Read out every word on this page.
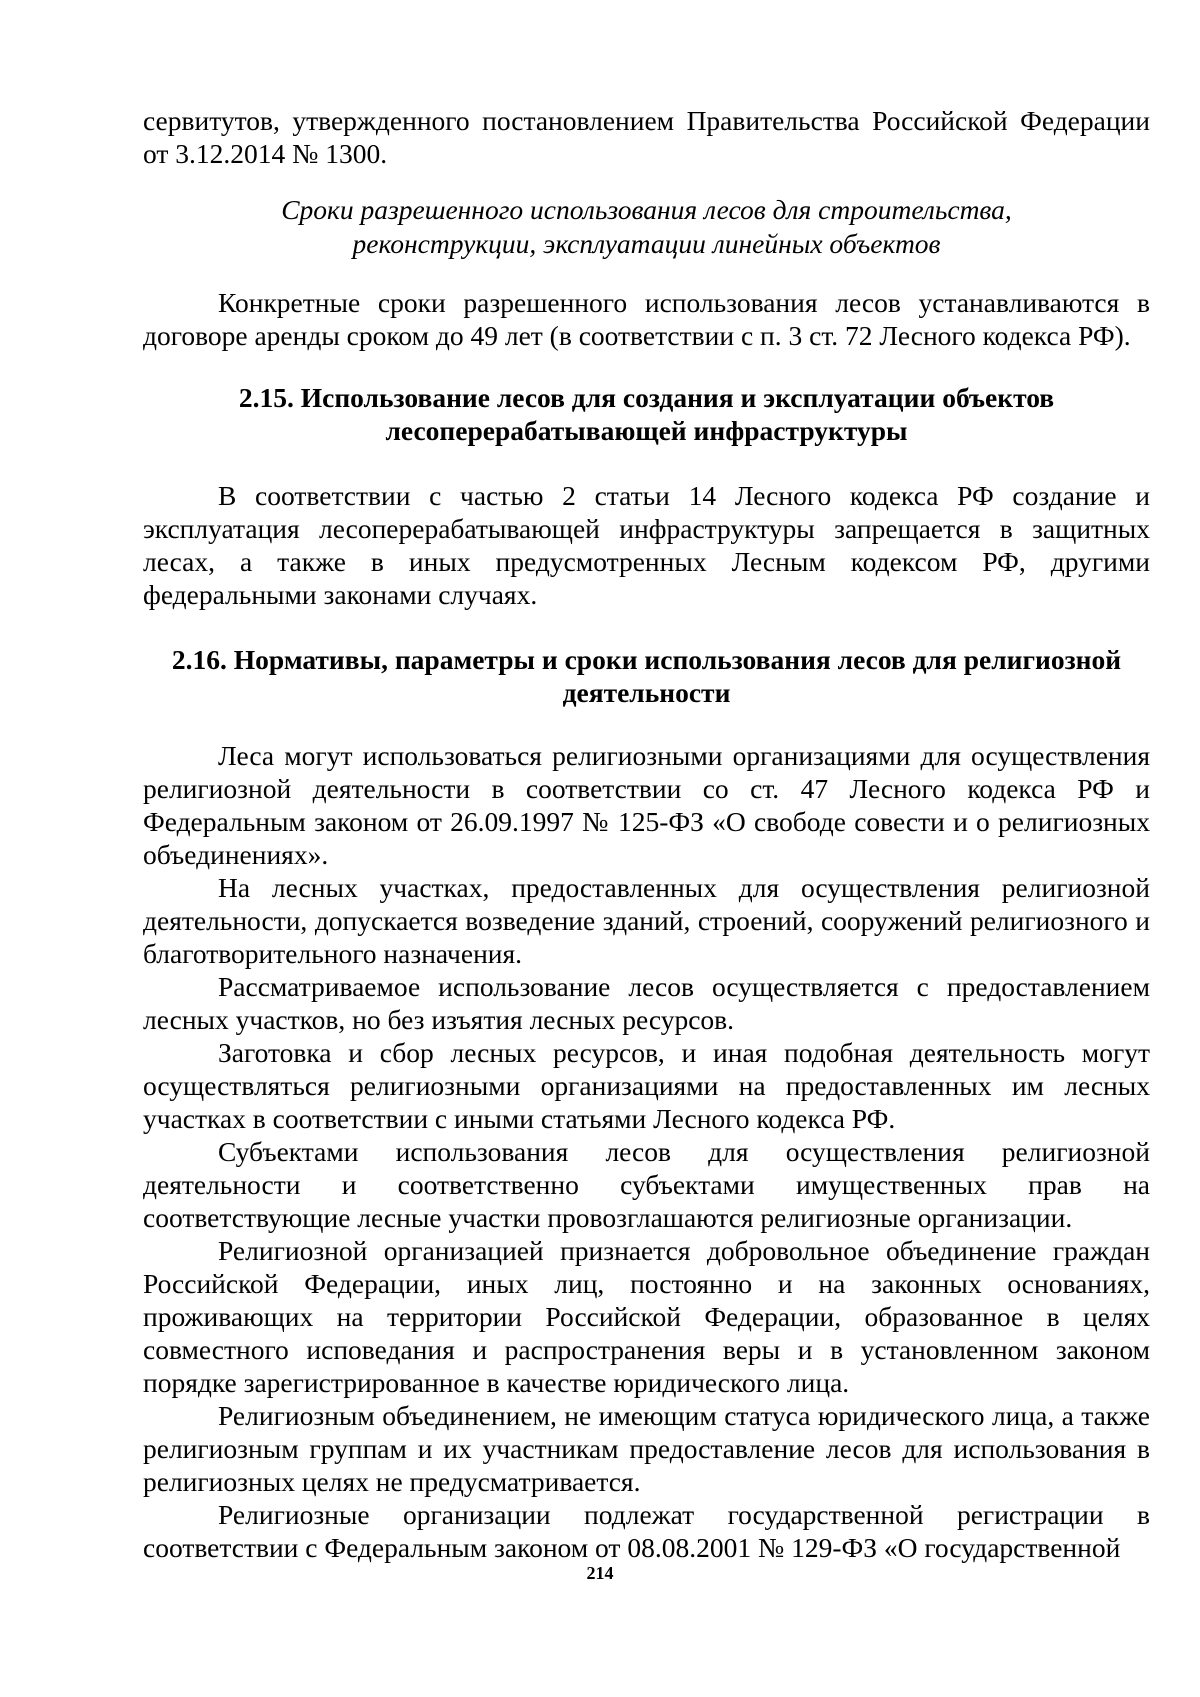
сервитутов, утвержденного постановлением Правительства Российской Федерации от 3.12.2014 № 1300.

Сроки разрешенного использования лесов для строительства,
реконструкции, эксплуатации линейных объектов

Конкретные сроки разрешенного использования лесов устанавливаются в договоре аренды сроком до 49 лет (в соответствии с п. 3 ст. 72 Лесного кодекса РФ).

2.15. Использование лесов для создания и эксплуатации объектов
лесоперерабатывающей инфраструктуры

В соответствии с частью 2 статьи 14 Лесного кодекса РФ создание и эксплуатация лесоперерабатывающей инфраструктуры запрещается в защитных лесах, а также в иных предусмотренных Лесным кодексом РФ, другими федеральными законами случаях.

2.16. Нормативы, параметры и сроки использования лесов для религиозной
деятельности

Леса могут использоваться религиозными организациями для осуществления религиозной деятельности в соответствии со ст. 47 Лесного кодекса РФ и Федеральным законом от 26.09.1997 № 125-ФЗ «О свободе совести и о религиозных объединениях».

На лесных участках, предоставленных для осуществления религиозной деятельности, допускается возведение зданий, строений, сооружений религиозного и благотворительного назначения.

Рассматриваемое использование лесов осуществляется с предоставлением лесных участков, но без изъятия лесных ресурсов.

Заготовка и сбор лесных ресурсов, и иная подобная деятельность могут осуществляться религиозными организациями на предоставленных им лесных участках в соответствии с иными статьями Лесного кодекса РФ.

Субъектами использования лесов для осуществления религиозной деятельности и соответственно субъектами имущественных прав на соответствующие лесные участки провозглашаются религиозные организации.

Религиозной организацией признается добровольное объединение граждан Российской Федерации, иных лиц, постоянно и на законных основаниях, проживающих на территории Российской Федерации, образованное в целях совместного исповедания и распространения веры и в установленном законом порядке зарегистрированное в качестве юридического лица.

Религиозным объединением, не имеющим статуса юридического лица, а также религиозным группам и их участникам предоставление лесов для использования в религиозных целях не предусматривается.

Религиозные организации подлежат государственной регистрации в соответствии с Федеральным законом от 08.08.2001 № 129-ФЗ «О государственной

214
